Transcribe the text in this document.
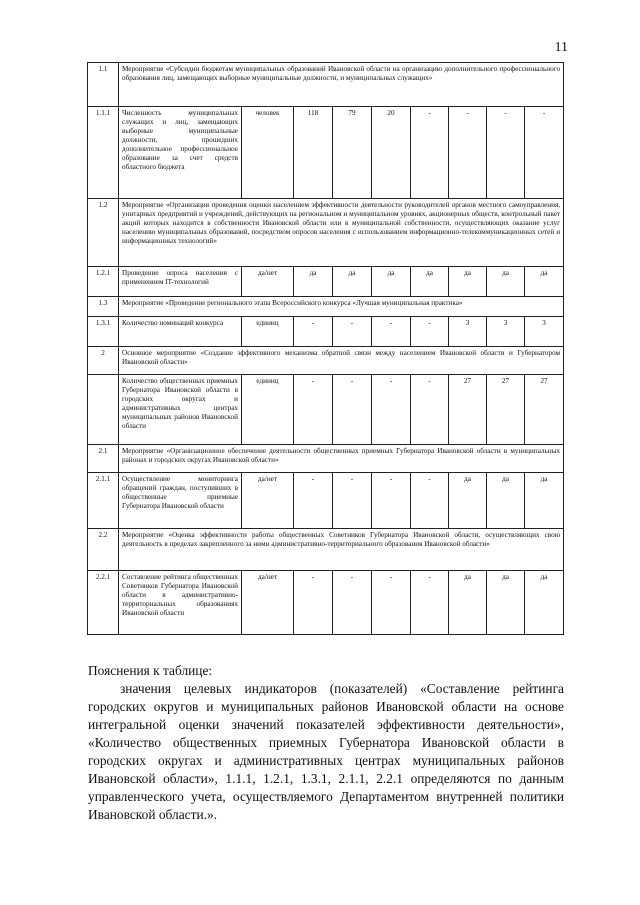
11
1.1	Мероприятие «Субсидии бюджетам муниципальных образований Ивановской области на организацию дополнительного профессионального образования лиц, замещающих выборные муниципальные должности, и муниципальных служащих»								
1.1.1	Численность муниципальных служащих и лиц, замещающих выборные муниципальные должности, прошедших дополнительное профессиональное образование за счет средств областного бюджета	человек	118	79	20	-	-	-	-
1.2	Мероприятие «Организация проведения оценки населением эффективности деятельности руководителей органов местного самоуправления, унитарных предприятий и учреждений, действующих на региональном и муниципальном уровнях, акционерных обществ, контрольный пакет акций которых находится в собственности Ивановской области или в муниципальной собственности, осуществляющих оказание услуг населению муниципальных образований, посредством опросов населения с использованием информационно-телекоммуникационных сетей и информационных технологий»								
1.2.1	Проведение опроса населения с применением IT-технологий	да/нет	да	да	да	да	да	да	да
1.3	Мероприятие «Проведение регионального этапа Всероссийского конкурса «Лучшая муниципальная практика»								
1.3.1	Количество номинаций конкурса	единиц	-	-	-	-	3	3	3
2	Основное мероприятие «Создание эффективного механизма обратной связи между населением Ивановской области и Губернатором Ивановской области»								
	Количество общественных приемных Губернатора Ивановской области в городских округах и административных центрах муниципальных районов Ивановской области	единиц	-	-	-	-	27	27	27
2.1	Мероприятие «Организационное обеспечение деятельности общественных приемных Губернатора Ивановской области в муниципальных районах и городских округах Ивановской области»								
2.1.1	Осуществление мониторинга обращений граждан, поступивших в общественные приемные Губернатора Ивановской области	да/нет	-	-	-	-	да	да	да
2.2	Мероприятие «Оценка эффективности работы общественных Советников Губернатора Ивановской области, осуществляющих свою деятельность в пределах закрепленного за ними административно-территориального образования Ивановской области»								
2.2.1	Составление рейтинга общественных Советников Губернатора Ивановской области в административно-территориальных образованиях Ивановской области	да/нет	-	-	-	-	да	да	да

Пояснения к таблице:

значения целевых индикаторов (показателей) «Составление рейтинга городских округов и муниципальных районов Ивановской области на основе интегральной оценки значений показателей эффективности деятельности», «Количество общественных приемных Губернатора Ивановской области в городских округах и административных центрах муниципальных районов Ивановской области», 1.1.1, 1.2.1, 1.3.1, 2.1.1, 2.2.1 определяются по данным управленческого учета, осуществляемого Департаментом внутренней политики Ивановской области.».
